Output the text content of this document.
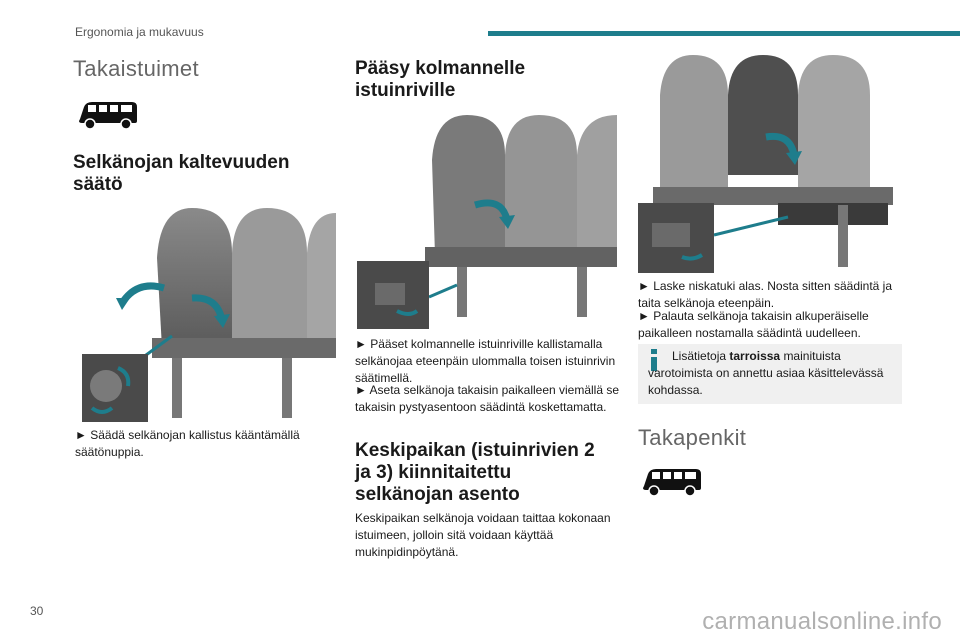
Ergonomia ja mukavuus
Takaistuimet
Selkänojan kaltevuuden säätö

► Säädä selkänojan kallistus kääntämällä säätönuppia.

Pääsy kolmannelle istuinriville

► Pääset kolmannelle istuinriville kallistamalla selkänojaa eteenpäin ulommalla toisen istuinrivin säätimellä.

► Aseta selkänoja takaisin paikalleen viemällä se takaisin pystyasentoon säädintä koskettamatta.

Keskipaikan (istuinrivien 2 ja 3) kiinnitaitettu selkänojan asento

Keskipaikan selkänoja voidaan taittaa kokonaan istuimeen, jolloin sitä voidaan käyttää mukinpidinpöytänä.

► Laske niskatuki alas. Nosta sitten säädintä ja taita selkänoja eteenpäin.

► Palauta selkänoja takaisin alkuperäiselle paikalleen nostamalla säädintä uudelleen.

Lisätietoja tarroissa mainituista varotoimista on annettu asiaa käsittelevässä kohdassa.

Takapenkit
30	carmanualsonline.info
